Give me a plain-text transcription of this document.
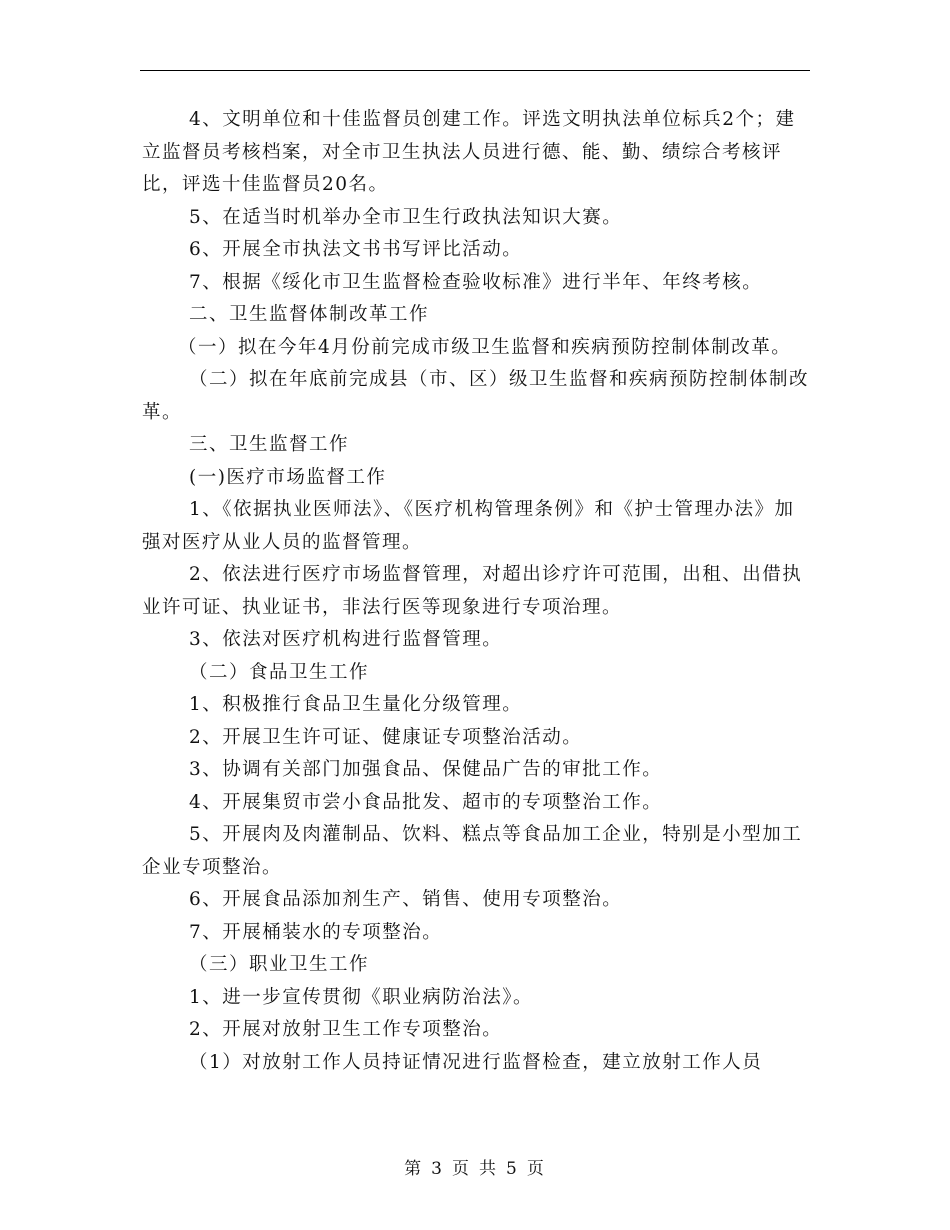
4、文明单位和十佳监督员创建工作。评选文明执法单位标兵2个；建立监督员考核档案，对全市卫生执法人员进行德、能、勤、绩综合考核评比，评选十佳监督员20名。

5、在适当时机举办全市卫生行政执法知识大赛。

6、开展全市执法文书书写评比活动。

7、根据《绥化市卫生监督检查验收标准》进行半年、年终考核。

二、卫生监督体制改革工作

（一）拟在今年4月份前完成市级卫生监督和疾病预防控制体制改革。

（二）拟在年底前完成县（市、区）级卫生监督和疾病预防控制体制改革。

三、卫生监督工作

(一)医疗市场监督工作

1、《依据执业医师法》、《医疗机构管理条例》和《护士管理办法》加强对医疗从业人员的监督管理。

2、依法进行医疗市场监督管理，对超出诊疗许可范围，出租、出借执业许可证、执业证书，非法行医等现象进行专项治理。

3、依法对医疗机构进行监督管理。

（二）食品卫生工作

1、积极推行食品卫生量化分级管理。

2、开展卫生许可证、健康证专项整治活动。

3、协调有关部门加强食品、保健品广告的审批工作。

4、开展集贸市尝小食品批发、超市的专项整治工作。

5、开展肉及肉灌制品、饮料、糕点等食品加工企业，特别是小型加工企业专项整治。

6、开展食品添加剂生产、销售、使用专项整治。

7、开展桶装水的专项整治。

（三）职业卫生工作

1、进一步宣传贯彻《职业病防治法》。

2、开展对放射卫生工作专项整治。

（1）对放射工作人员持证情况进行监督检查，建立放射工作人员

第 3 页 共 5 页
